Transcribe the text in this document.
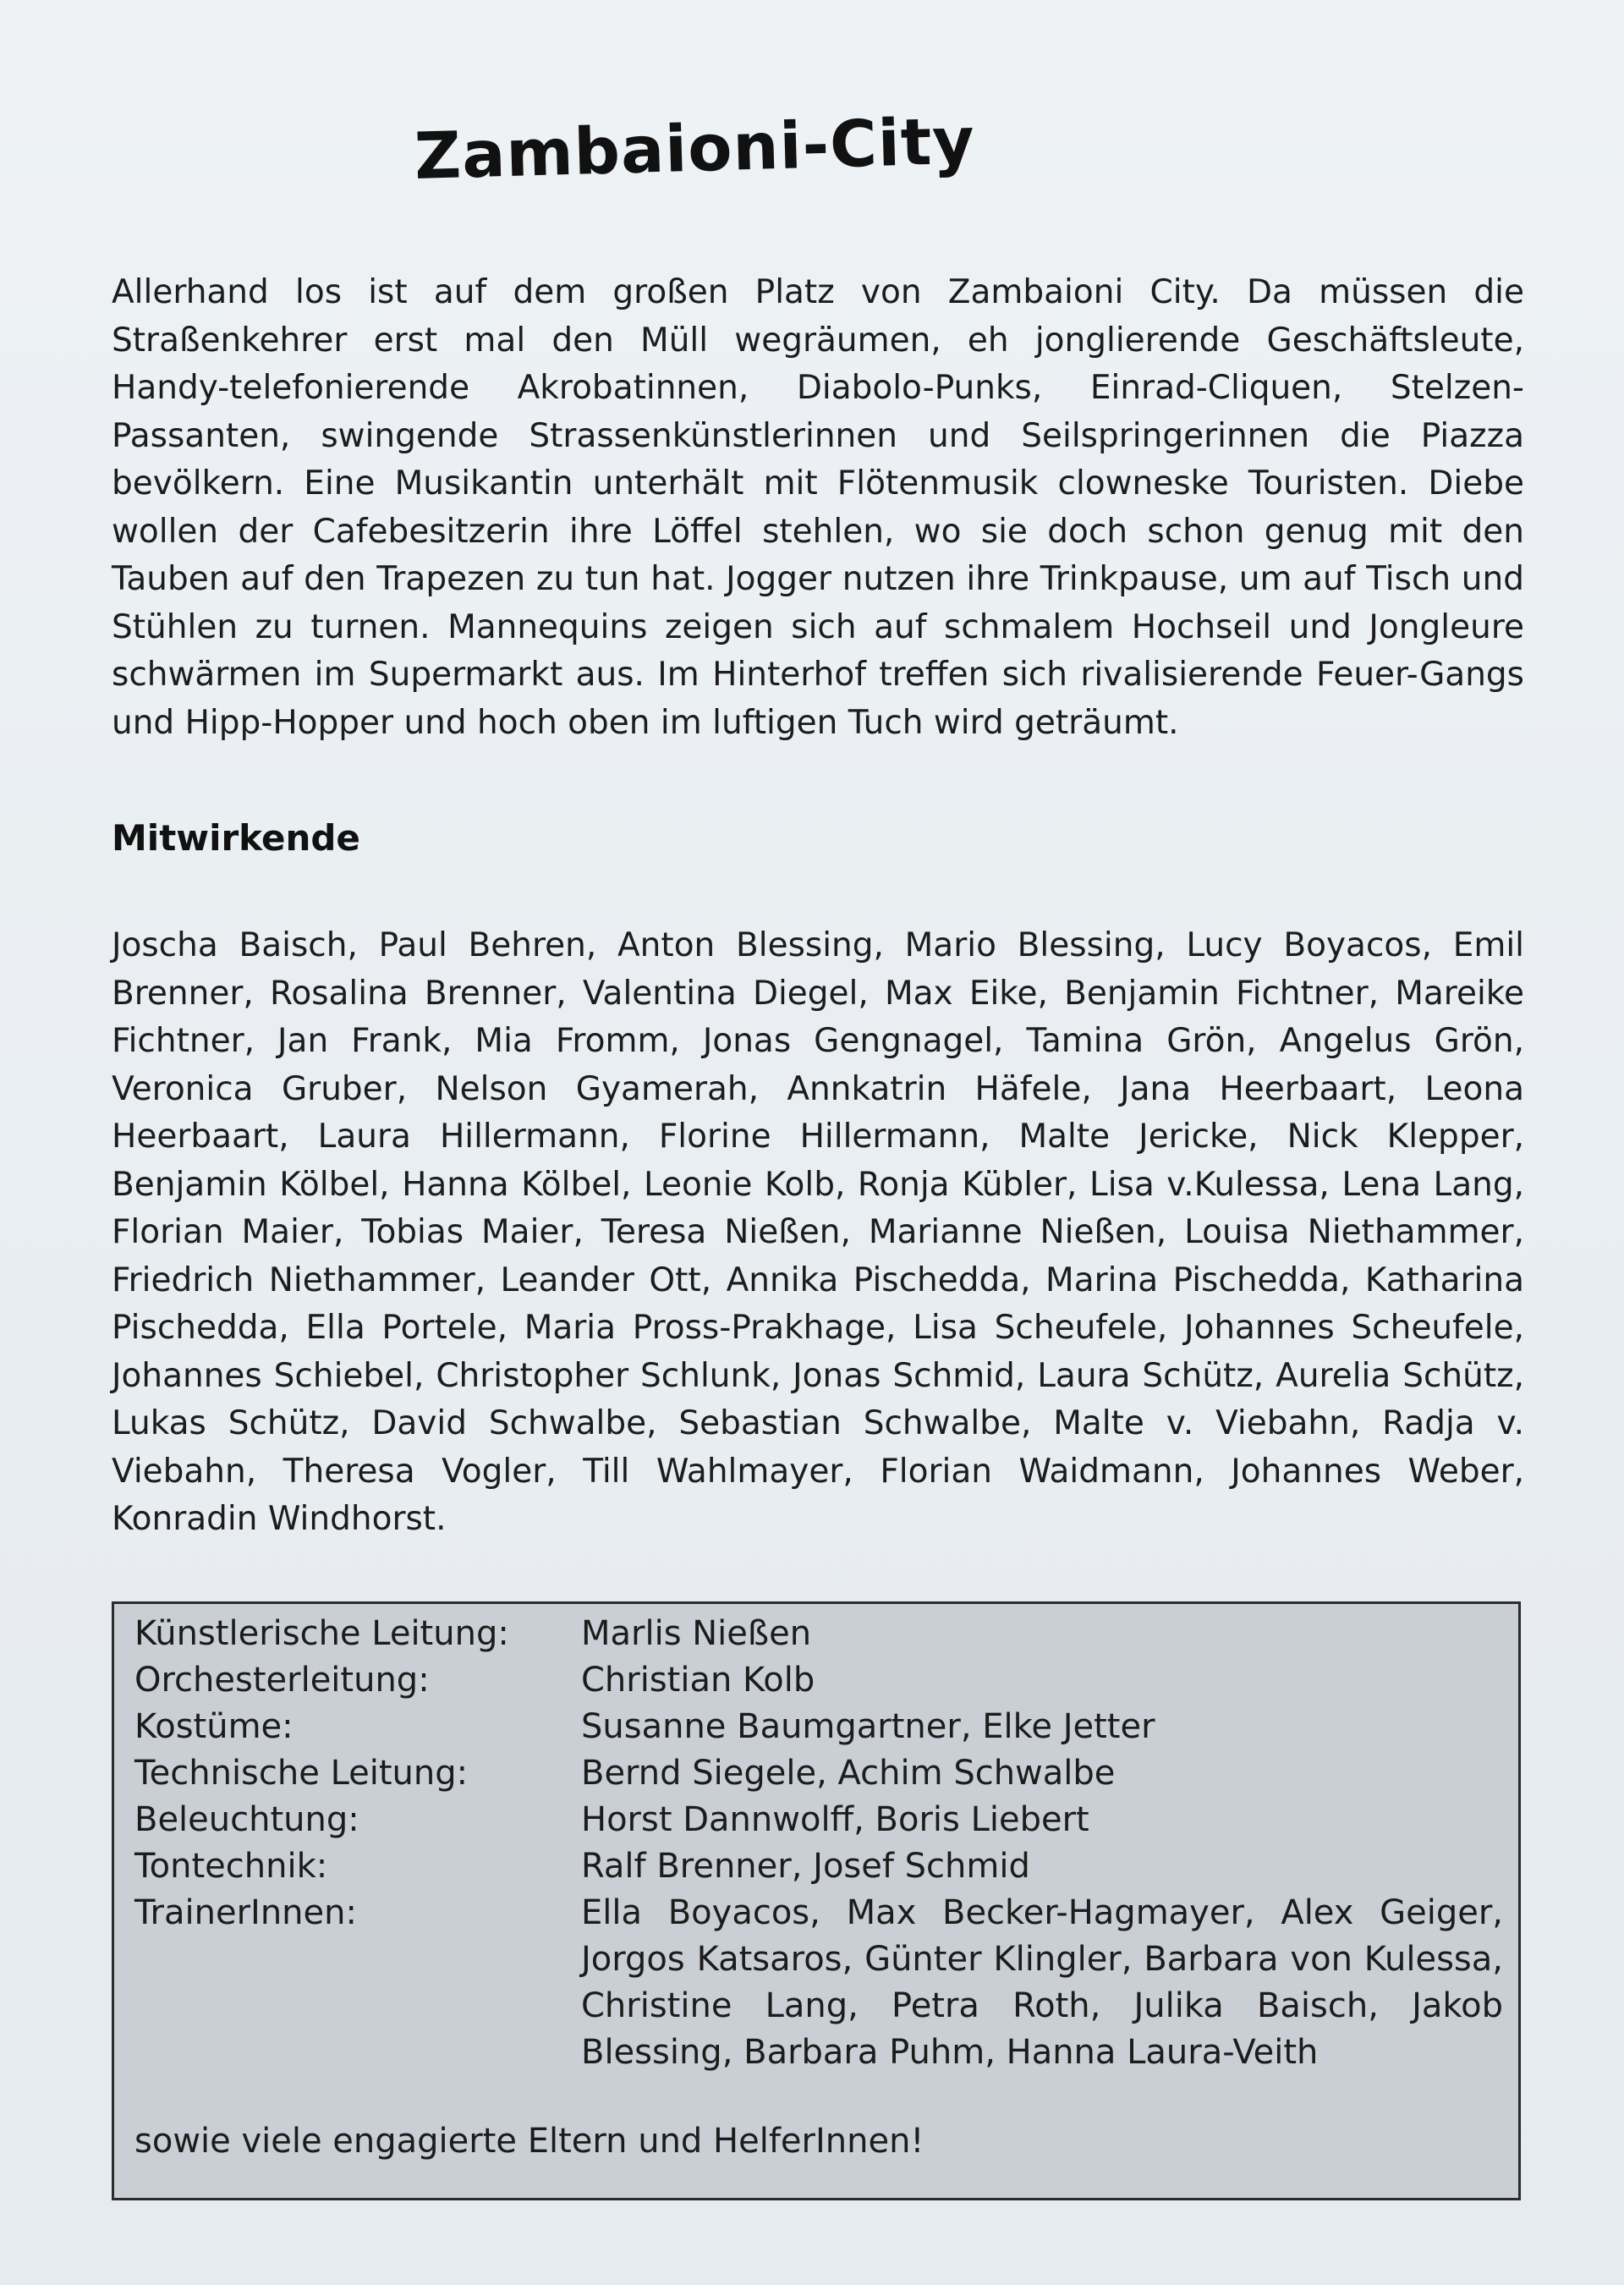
Zambaioni-City
Allerhand los ist auf dem großen Platz von Zambaioni City. Da müssen die Straßenkehrer erst mal den Müll wegräumen, eh jonglierende Geschäftsleute, Handy-telefonierende Akrobatinnen, Diabolo-Punks, Einrad-Cliquen, Stelzen-Passanten, swingende Strassenkünstlerinnen und Seilspringerinnen die Piazza bevölkern. Eine Musikantin unterhält mit Flötenmusik clowneske Touristen. Diebe wollen der Cafebesitzerin ihre Löffel stehlen, wo sie doch schon genug mit den Tauben auf den Trapezen zu tun hat. Jogger nutzen ihre Trinkpause, um auf Tisch und Stühlen zu turnen. Mannequins zeigen sich auf schmalem Hochseil und Jongleure schwärmen im Supermarkt aus. Im Hinterhof treffen sich rivalisierende Feuer-Gangs und Hipp-Hopper und hoch oben im luftigen Tuch wird geträumt.
Mitwirkende
Joscha Baisch, Paul Behren, Anton Blessing, Mario Blessing, Lucy Boyacos, Emil Brenner, Rosalina Brenner, Valentina Diegel, Max Eike, Benjamin Fichtner, Mareike Fichtner, Jan Frank, Mia Fromm, Jonas Gengnagel, Tamina Grön, Angelus Grön, Veronica Gruber, Nelson Gyamerah, Annkatrin Häfele, Jana Heerbaart, Leona Heerbaart, Laura Hillermann, Florine Hillermann, Malte Jericke, Nick Klepper, Benjamin Kölbel, Hanna Kölbel, Leonie Kolb, Ronja Kübler, Lisa v.Kulessa, Lena Lang, Florian Maier, Tobias Maier, Teresa Nießen, Marianne Nießen, Louisa Niethammer, Friedrich Niethammer, Leander Ott, Annika Pischedda, Marina Pischedda, Katharina Pischedda, Ella Portele, Maria Pross-Prakhage, Lisa Scheufele, Johannes Scheufele, Johannes Schiebel, Christopher Schlunk, Jonas Schmid, Laura Schütz, Aurelia Schütz, Lukas Schütz, David Schwalbe, Sebastian Schwalbe, Malte v. Viebahn, Radja v. Viebahn, Theresa Vogler, Till Wahlmayer, Florian Waidmann, Johannes Weber, Konradin Windhorst.
Künstlerische Leitung:	Marlis Nießen
Orchesterleitung:	Christian Kolb
Kostüme:	Susanne Baumgartner, Elke Jetter
Technische Leitung:	Bernd Siegele, Achim Schwalbe
Beleuchtung:	Horst Dannwolff, Boris Liebert
Tontechnik:	Ralf Brenner, Josef Schmid
TrainerInnen:	Ella Boyacos, Max Becker-Hagmayer, Alex Geiger, Jorgos Katsaros, Günter Klingler, Barbara von Kulessa, Christine Lang, Petra Roth, Julika Baisch, Jakob Blessing, Barbara Puhm, Hanna Laura-Veith
sowie viele engagierte Eltern und HelferInnen!
